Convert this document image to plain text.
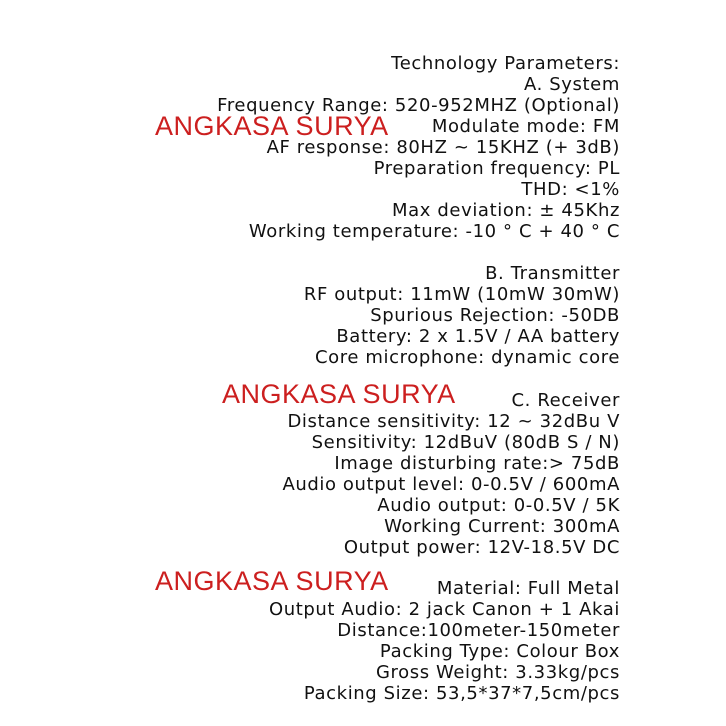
Technology Parameters:
A. System
Frequency Range: 520-952MHZ (Optional)
Modulate mode: FM
AF response: 80HZ ~ 15KHZ (+ 3dB)
Preparation frequency: PL
THD: <1%
Max deviation: ± 45Khz
Working temperature: -10 ° C + 40 ° C
B. Transmitter
RF output: 11mW (10mW 30mW)
Spurious Rejection: -50DB
Battery: 2 x 1.5V / AA battery
Core microphone: dynamic core
C. Receiver
Distance sensitivity: 12 ~ 32dBu V
Sensitivity: 12dBuV (80dB S / N)
Image disturbing rate:> 75dB
Audio output level: 0-0.5V / 600mA
Audio output: 0-0.5V / 5K
Working Current: 300mA
Output power: 12V-18.5V DC
Material: Full Metal
Output Audio: 2 jack Canon + 1 Akai
Distance:100meter-150meter
Packing Type: Colour Box
Gross Weight: 3.33kg/pcs
Packing Size: 53,5*37*7,5cm/pcs
ANGKASA SURYA
ANGKASA SURYA
ANGKASA SURYA
